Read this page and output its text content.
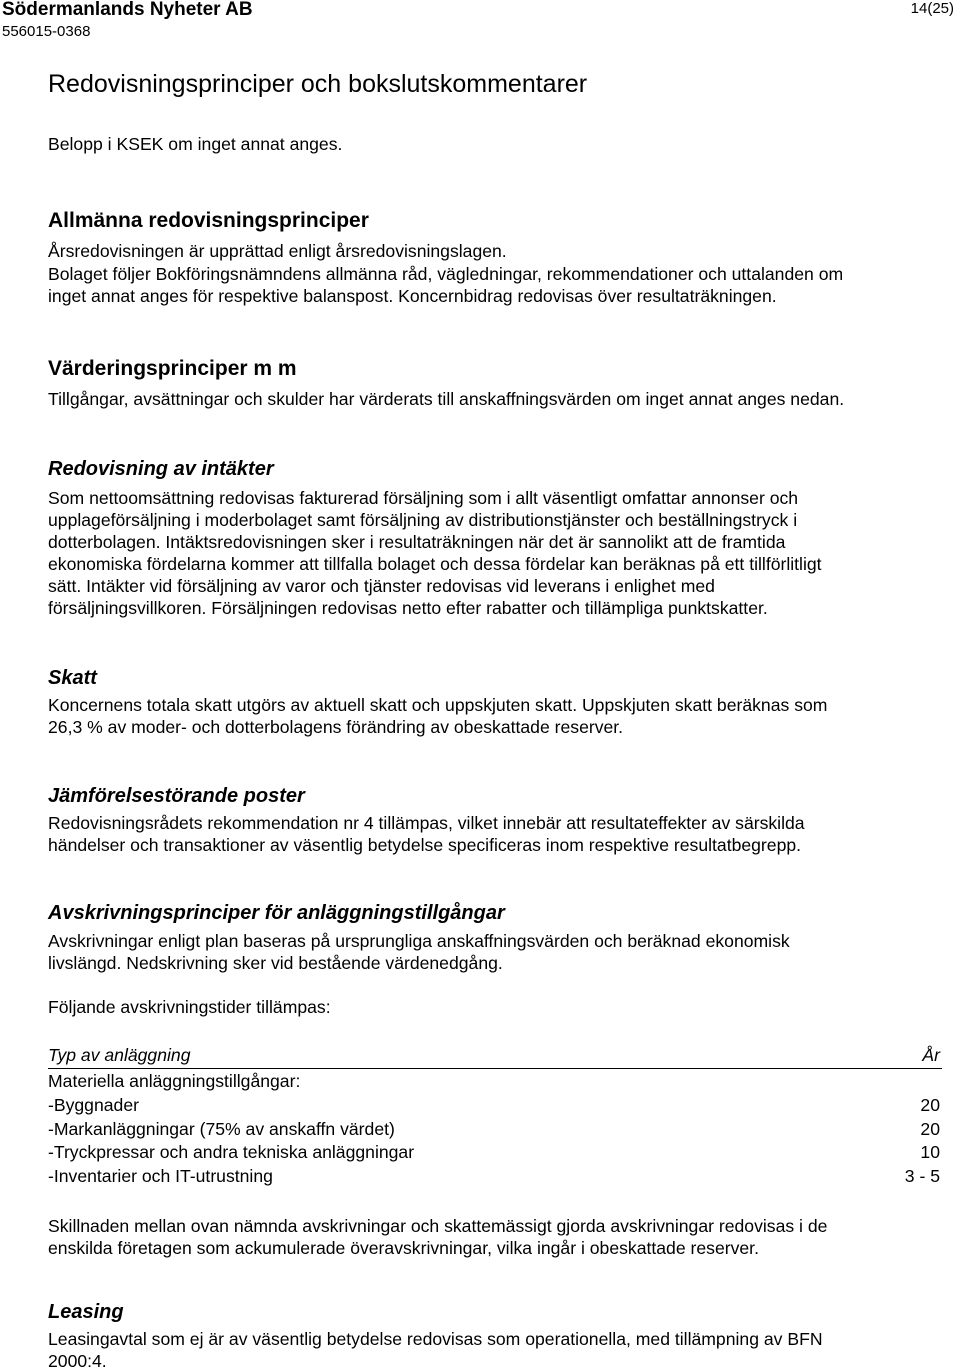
Södermanlands Nyheter AB
556015-0368
14(25)
Redovisningsprinciper och bokslutskommentarer
Belopp i KSEK om inget annat anges.
Allmänna redovisningsprinciper
Årsredovisningen är upprättad enligt årsredovisningslagen.
Bolaget följer Bokföringsnämndens allmänna råd, vägledningar, rekommendationer och uttalanden om
inget annat anges för respektive balanspost. Koncernbidrag redovisas över resultaträkningen.
Värderingsprinciper m m
Tillgångar, avsättningar och skulder har värderats till anskaffningsvärden om inget annat anges nedan.
Redovisning av intäkter
Som nettoomsättning redovisas fakturerad försäljning som i allt väsentligt omfattar annonser och
upplageförsäljning i moderbolaget samt försäljning av distributionstjänster och beställningstryck i
dotterbolagen. Intäktsredovisningen sker i resultaträkningen när det är sannolikt att de framtida
ekonomiska fördelarna kommer att tillfalla bolaget och dessa fördelar kan beräknas på ett tillförlitligt
sätt. Intäkter vid försäljning av varor och tjänster redovisas vid leverans i enlighet med
försäljningsvillkoren. Försäljningen redovisas netto efter rabatter och tillämpliga punktskatter.
Skatt
Koncernens totala skatt utgörs av aktuell skatt och uppskjuten skatt. Uppskjuten skatt beräknas som
26,3 % av moder- och dotterbolagens förändring av obeskattade reserver.
Jämförelsestörande poster
Redovisningsrådets rekommendation nr 4 tillämpas, vilket innebär att resultateffekter av särskilda
händelser och transaktioner av väsentlig betydelse specificeras inom respektive resultatbegrepp.
Avskrivningsprinciper för anläggningstillgångar
Avskrivningar enligt plan baseras på ursprungliga anskaffningsvärden och beräknad ekonomisk
livslängd. Nedskrivning sker vid bestående värdenedgång.
Följande avskrivningstider tillämpas:
Typ av anläggning	År
Materiella anläggningstillgångar:	
-Byggnader	20
-Markanläggningar (75% av anskaffn värdet)	20
-Tryckpressar och andra tekniska anläggningar	10
-Inventarier och IT-utrustning	3 - 5
Skillnaden mellan ovan nämnda avskrivningar och skattemässigt gjorda avskrivningar redovisas i de
enskilda företagen som ackumulerade överavskrivningar, vilka ingår i obeskattade reserver.
Leasing
Leasingavtal som ej är av väsentlig betydelse redovisas som operationella, med tillämpning av BFN
2000:4.
